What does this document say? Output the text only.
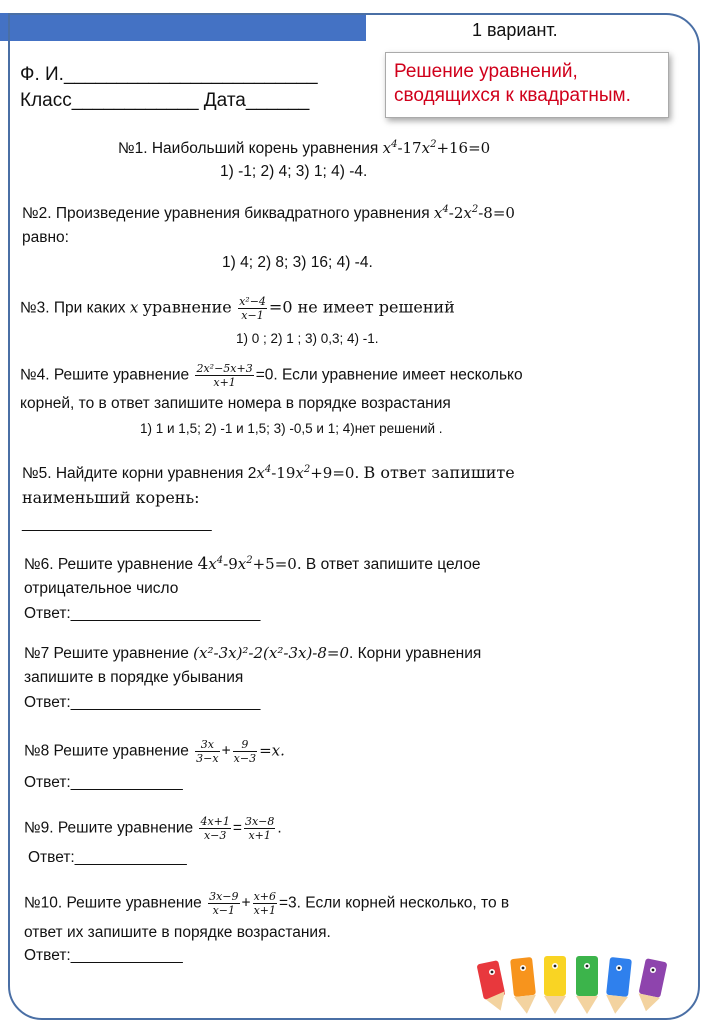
1 вариант.
Ф. И.________________________
Класс____________ Дата______
Решение уравнений,
сводящихся к квадратным.
№1. Наибольший корень уравнения $x^4-17x^2+16=0$
1) -1; 2) 4; 3) 1; 4) -4.
№2. Произведение уравнения биквадратного уравнения $x^4-2x^2-8=0$
равно:
1) 4; 2) 8; 3) 16; 4) -4.
№3. При каких x уравнение $\frac{\text{x²−4}}{x-1} =0$ не имеет решений
1) 0 ; 2) 1 ; 3) 0,3; 4) -1.
№4. Решите уравнение $\frac{\text{2x²−5x+3}}{x+1} =0$. Если уравнение имеет несколько
корней, то в ответ запишите номера в порядке возрастания
1) 1 и 1,5; 2) -1 и 1,5; 3) -0,5 и 1; 4)нет решений .
№5. Найдите корни уравнения $2x^4-19x^2+9=0$. В ответ запишите
наименьший корень:
______________________
№6. Решите уравнение $4x^4-9x^2+5=0$. В ответ запишите целое
отрицательное число
Ответ:______________________
№7 Решите уравнение (x²-3x)²-2(x²-3x)-8=0. Корни уравнения
запишите в порядке убывания
Ответ:______________________
№8 Решите уравнение $\frac{3x}{3-x} + \frac{9}{x-3} =x$.
Ответ:_____________
№9. Решите уравнение $\frac{4x+1}{x-3} = \frac{3x-8}{x+1}$ .
Ответ:_____________
№10. Решите уравнение $\frac{3x-9}{x-1} + \frac{x+6}{x+1} =3$. Если корней несколько, то в
ответ их запишите в порядке возрастания.
Ответ:_____________
